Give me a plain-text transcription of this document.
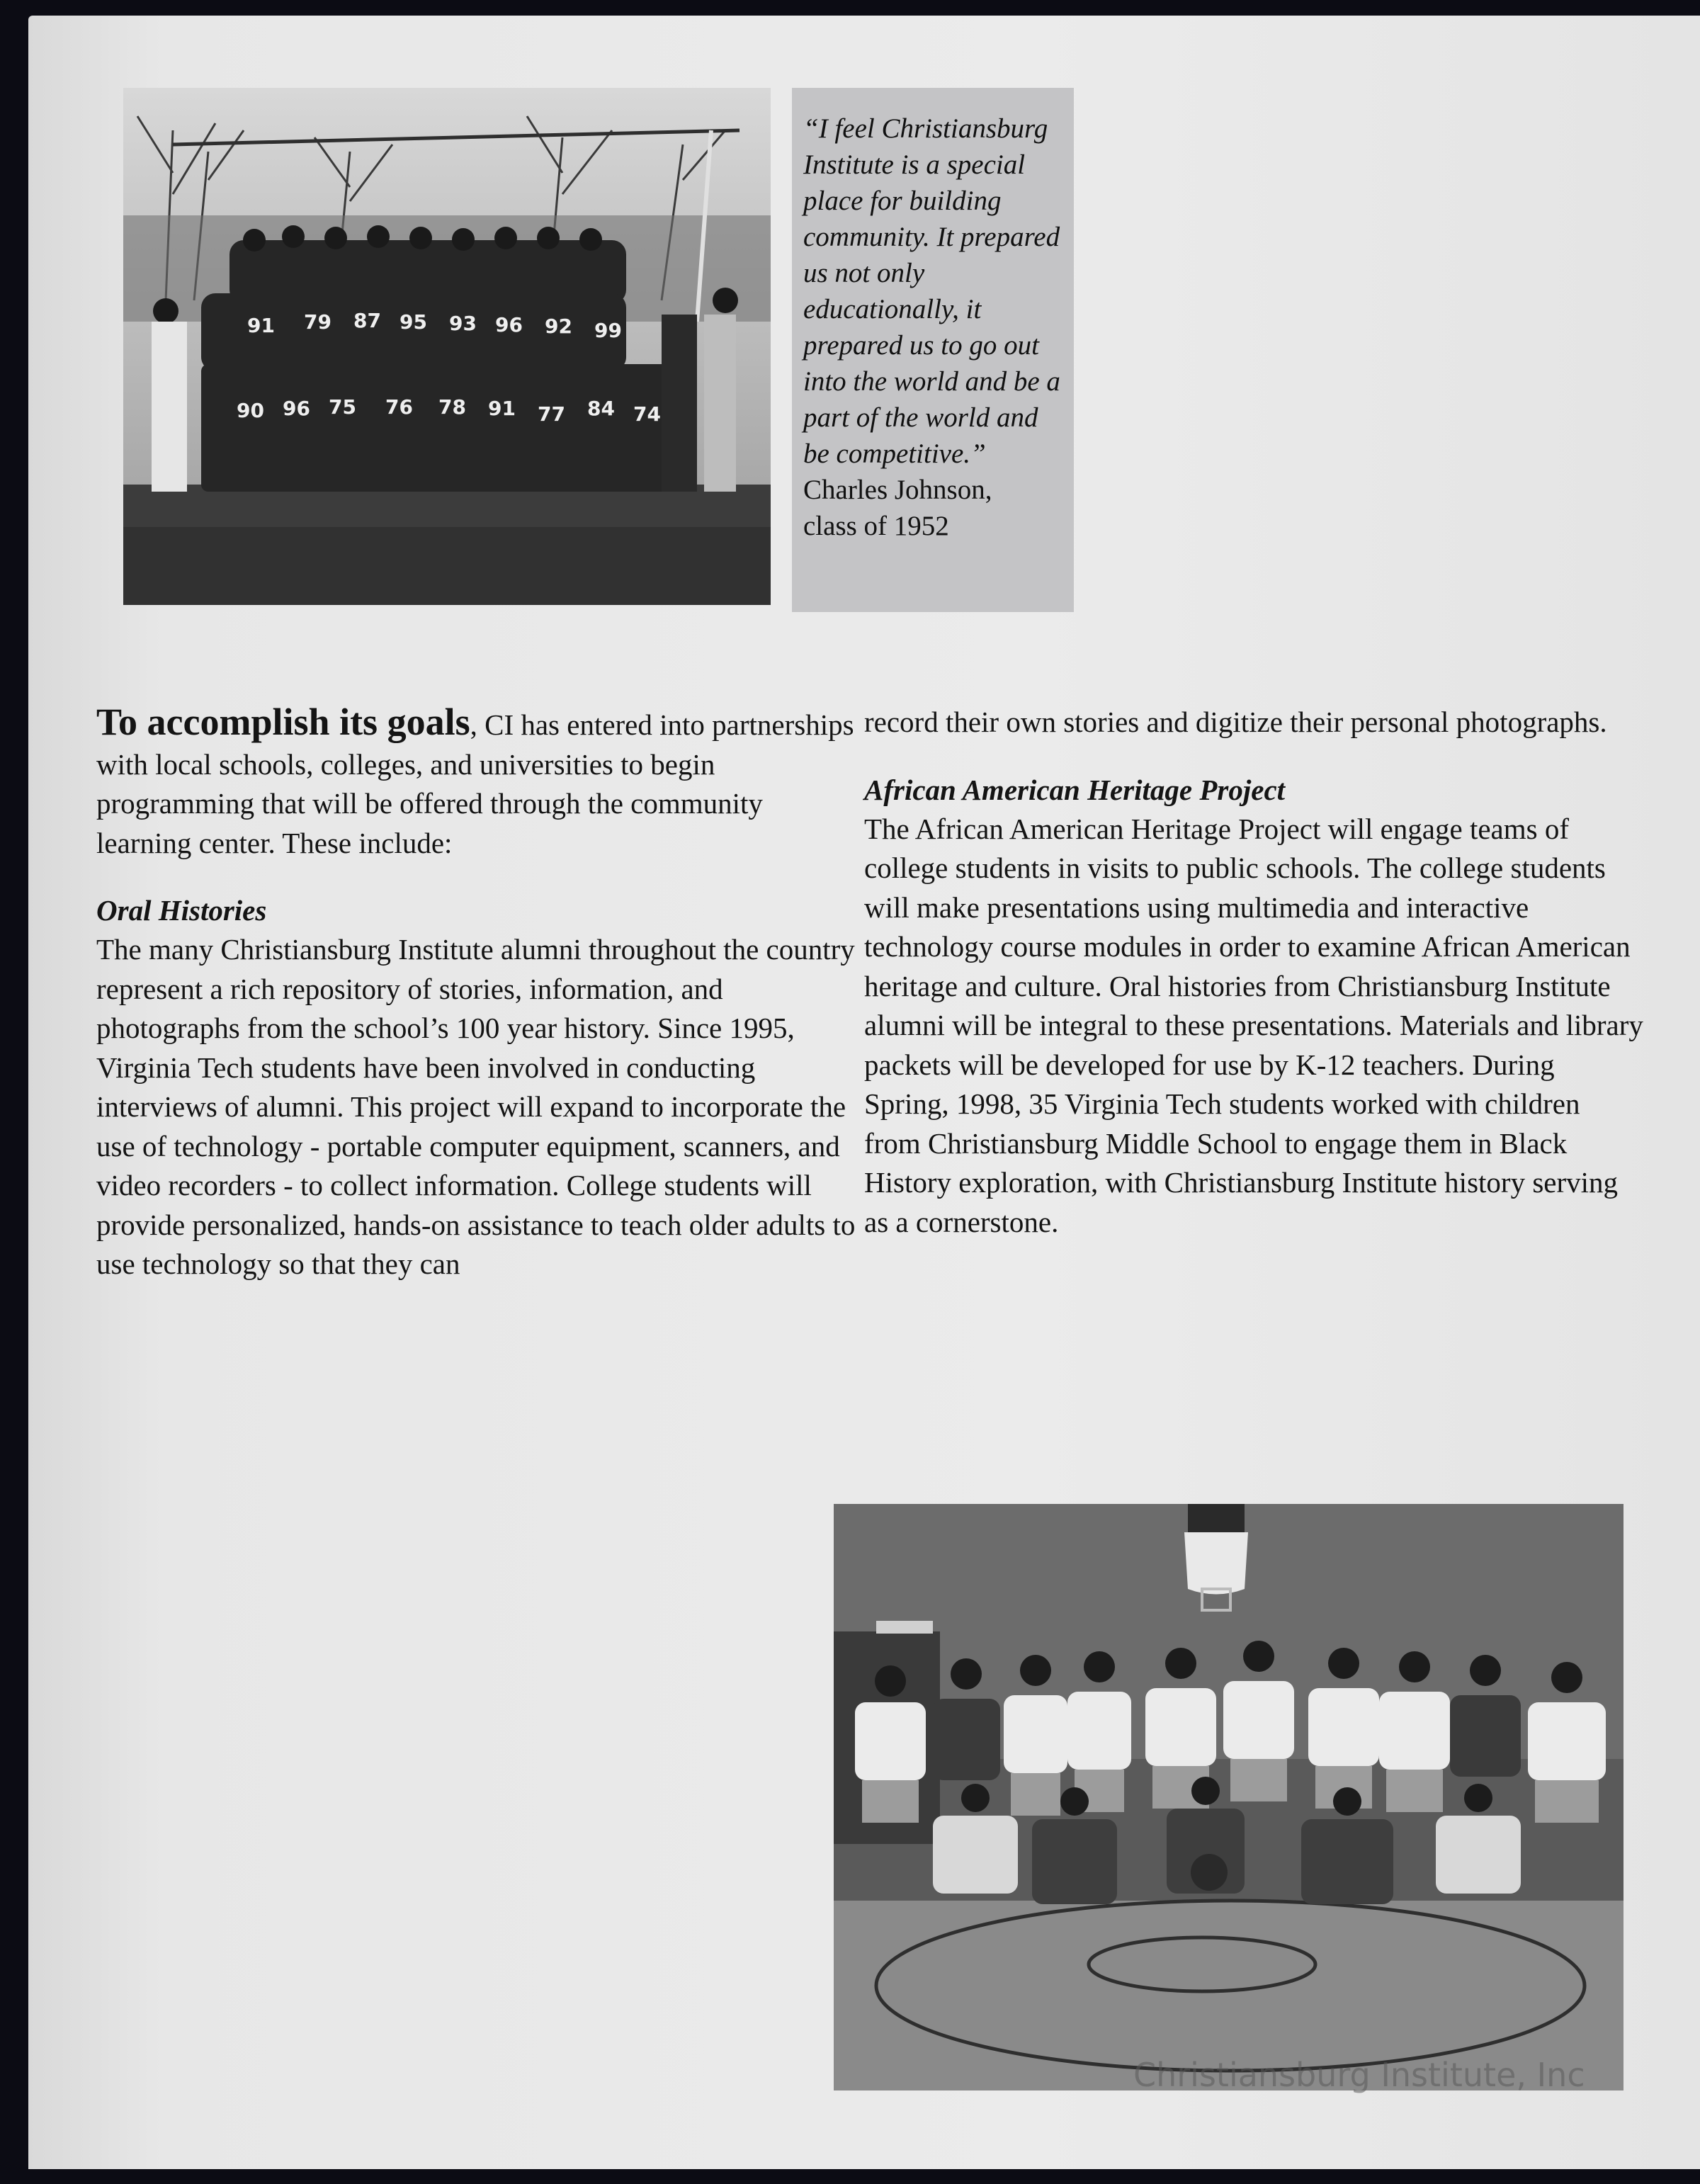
91 79 87 95 93 96 92 99
90 96 75 76 78 91 77 84 74

“I feel Christiansburg Institute is a special place for building community. It prepared us not only educationally, it prepared us to go out into the world and be a part of the world and be competitive.”

Charles Johnson,

class of 1952

To accomplish its goals, CI has entered into partnerships with local schools, colleges, and universities to begin programming that will be offered through the community learning center. These include:

Oral Histories

The many Christiansburg Institute alumni throughout the country represent a rich repository of stories, information, and photographs from the school’s 100 year history. Since 1995, Virginia Tech students have been involved in conducting interviews of alumni. This project will expand to incorporate the use of technology - portable computer equipment, scanners, and video recorders - to collect information. College students will provide personalized, hands-on assistance to teach older adults to use technology so that they can

record their own stories and digitize their personal photographs.

African American Heritage Project

The African American Heritage Project will engage teams of college students in visits to public schools. The college students will make presentations using multimedia and interactive technology course modules in order to examine African American heritage and culture. Oral histories from Christiansburg Institute alumni will be integral to these presentations. Materials and library packets will be developed for use by K-12 teachers. During Spring, 1998, 35 Virginia Tech students worked with children from Christiansburg Middle School to engage them in Black History exploration, with Christiansburg Institute history serving as a cornerstone.

Christiansburg Institute, Inc
